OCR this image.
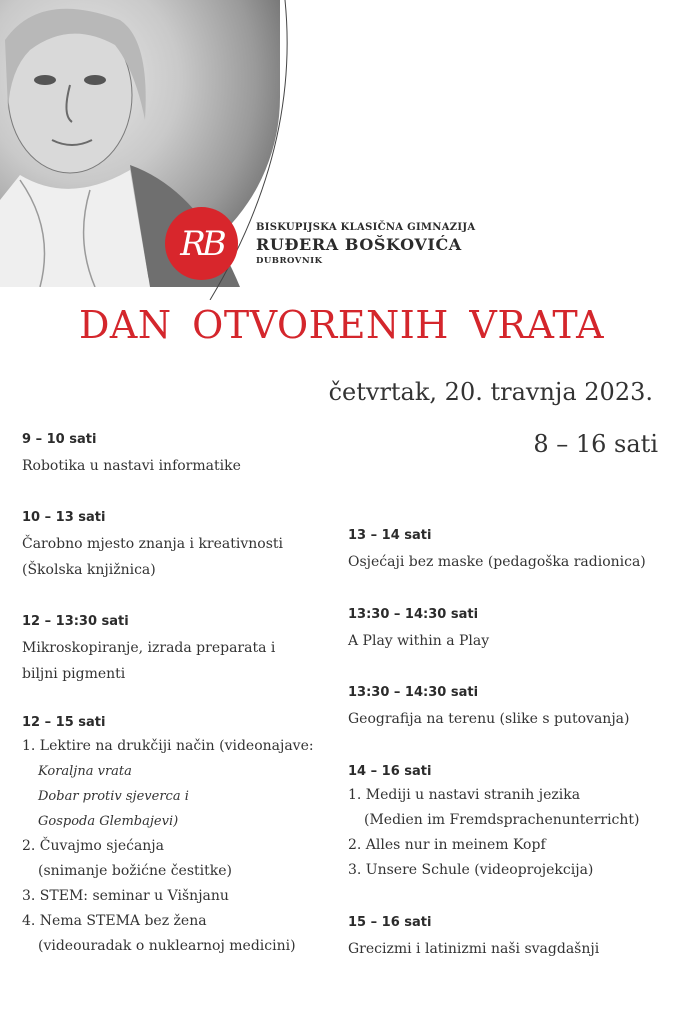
RB	BISKUPIJSKA KLASIČNA GIMNAZIJA
RUĐERA BOŠKOVIĆA
DUBROVNIK
DAN OTVORENIH VRATA
četvrtak, 20. travnja 2023.
8 – 16 sati
9 – 10 sati
Robotika u nastavi informatike
10 – 13 sati
Čarobno mjesto znanja i kreativnosti
(Školska knjižnica)
12 – 13:30 sati
Mikroskopiranje, izrada preparata i
biljni pigmenti
12 – 15 sati
1. Lektire na drukčiji način (videonajave:
Koraljna vrata
Dobar protiv sjeverca i
Gospoda Glembajevi)
2. Čuvajmo sjećanja
(snimanje božićne čestitke)
3. STEM: seminar u Višnjanu
4. Nema STEMA bez žena
(videouradak o nuklearnoj medicini)
13 – 14 sati
Osjećaji bez maske (pedagoška radionica)
13:30 – 14:30 sati
A Play within a Play
13:30 – 14:30 sati
Geografija na terenu (slike s putovanja)
14 – 16 sati
1. Mediji u nastavi stranih jezika
(Medien im Fremdsprachenunterricht)
2. Alles nur in meinem Kopf
3. Unsere Schule (videoprojekcija)
15 – 16 sati
Grecizmi i latinizmi naši svagdašnji
